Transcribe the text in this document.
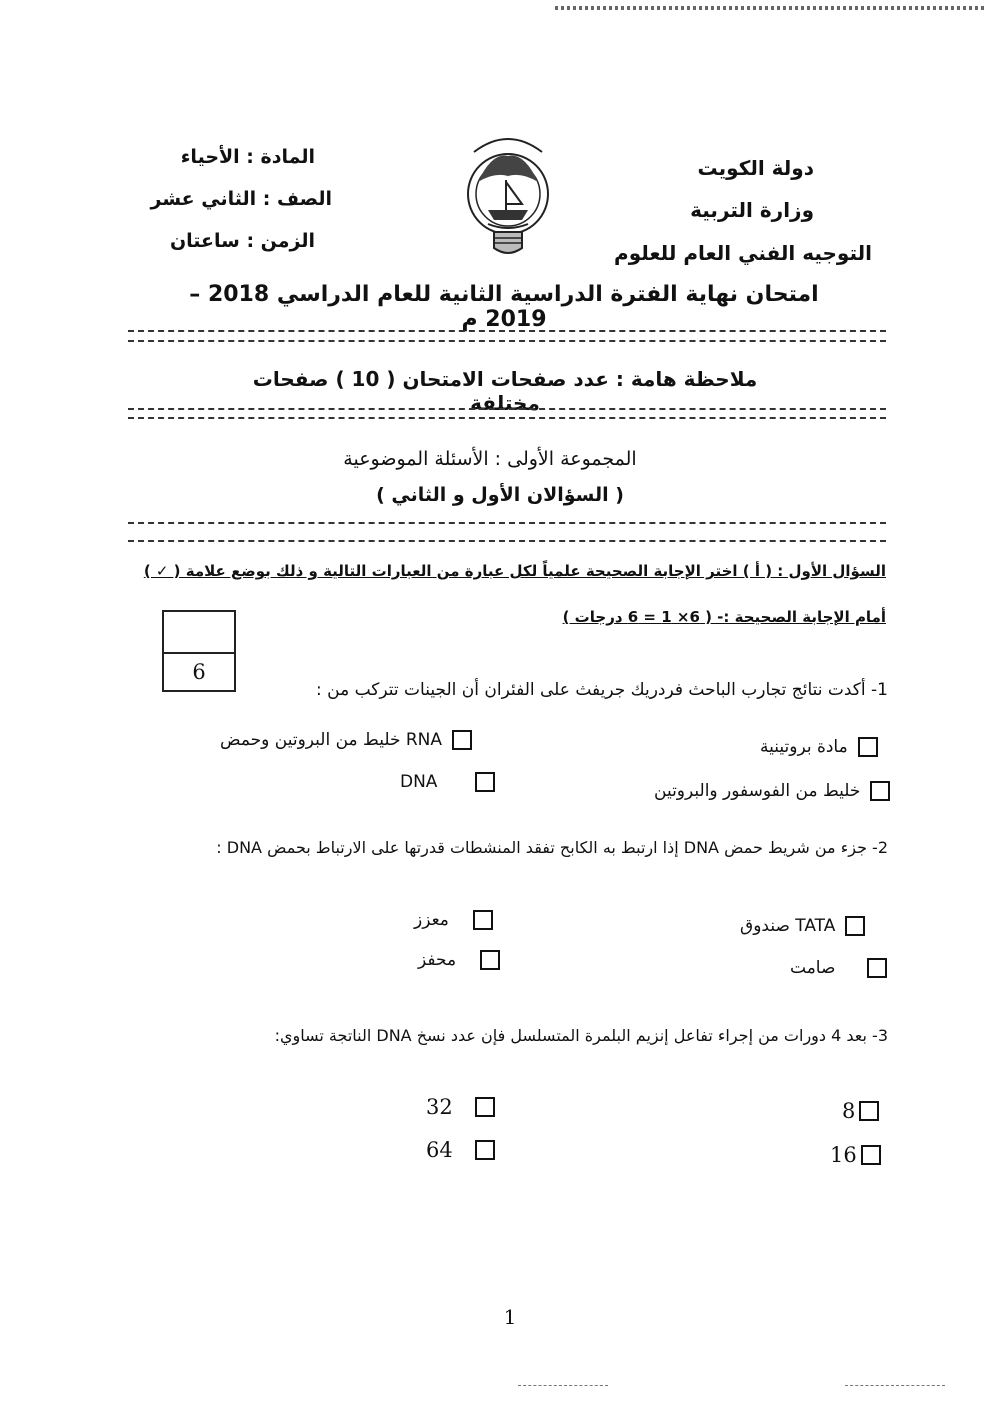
دولة الكويت
وزارة التربية
التوجيه الفني العام للعلوم
المادة : الأحياء
الصف : الثاني عشر
الزمن : ساعتان
امتحان نهاية الفترة الدراسية الثانية للعام الدراسي 2018 – 2019 م
ملاحظة هامة : عدد صفحات الامتحان ( 10 ) صفحات مختلفة
المجموعة الأولى : الأسئلة الموضوعية
( السؤالان الأول و الثاني )
السؤال الأول : ( أ ) اختر الإجابة الصحيحة علمياً لكل عبارة من العبارات التالية و ذلك بوضع علامة ( ✓ )
أمام الإجابة الصحيحة :- ( 6× 1 = 6 درجات )
6
1- أكدت نتائج تجارب الباحث فردريك جريفث على الفئران أن الجينات تتركب من :
خليط من البروتين وحمض RNA	مادة بروتينية
DNA	خليط من الفوسفور والبروتين
2- جزء من شريط حمض DNA إذا ارتبط به الكابح تفقد المنشطات قدرتها على الارتباط بحمض DNA :
معزز	صندوق TATA
محفز	صامت
3- بعد 4 دورات من إجراء تفاعل إنزيم البلمرة المتسلسل فإن عدد نسخ DNA الناتجة تساوي:
32	8
64	16
1
